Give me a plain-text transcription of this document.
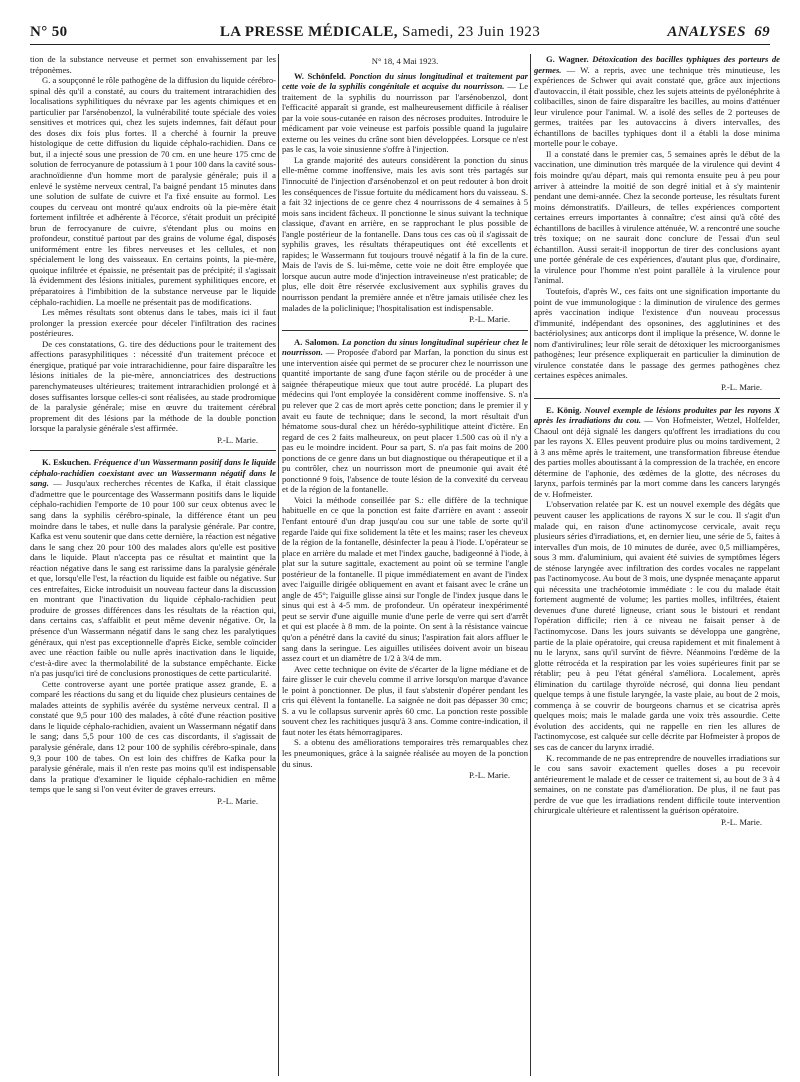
N° 50	LA PRESSE MÉDICALE, Samedi, 23 Juin 1923	ANALYSES 69

tion de la substance nerveuse et permet son envahissement par les tréponèmes.

G. a soupçonné le rôle pathogène de la diffusion du liquide cérébro-spinal dès qu'il a constaté, au cours du traitement intrarachidien des localisations syphilitiques du névraxe par les agents chimiques et en particulier par l'arsénobenzol, la vulnérabilité toute spéciale des voies sensitives et motrices qui, chez les sujets indemnes, fait défaut pour des doses dix fois plus fortes. Il a cherché à fournir la preuve histologique de cette diffusion du liquide céphalo-rachidien. Dans ce but, il a injecté sous une pression de 70 cm. en une heure 175 cmc de solution de ferrocyanure de potassium à 1 pour 100 dans la cavité sous-arachnoïdienne d'un homme mort de paralysie générale; puis il a enlevé le système nerveux central, l'a baigné pendant 15 minutes dans une solution de sulfate de cuivre et l'a fixé ensuite au formol. Les coupes du cerveau ont montré qu'aux endroits où la pie-mère était fortement infiltrée et adhérente à l'écorce, s'était produit un précipité brun de ferrocyanure de cuivre, s'étendant plus ou moins en profondeur, constitué partout par des grains de volume égal, disposés uniformément entre les fibres nerveuses et les cellules, et non spécialement le long des vaisseaux. En certains points, la pie-mère, quoique infiltrée et épaissie, ne présentait pas de précipité; il s'agissait là évidemment des lésions initiales, purement syphilitiques encore, et préparatoires à l'imbibition de la substance nerveuse par le liquide céphalo-rachidien. La moelle ne présentait pas de modifications.

Les mêmes résultats sont obtenus dans le tabes, mais ici il faut prolonger la pression exercée pour déceler l'infiltration des racines postérieures.

De ces constatations, G. tire des déductions pour le traitement des affections parasyphilitiques : nécessité d'un traitement précoce et énergique, pratiqué par voie intrarachidienne, pour faire disparaître les lésions initiales de la pie-mère, annonciatrices des destructions parenchymateuses ultérieures; traitement intrarachidien prolongé et à doses suffisantes lorsque celles-ci sont réalisées, au stade prodromique de la paralysie générale; mise en œuvre du traitement cérébral proprement dit des lésions par la méthode de la double ponction lorsque la paralysie générale s'est affirmée.

P.-L. Marie.

K. Eskuchen. Fréquence d'un Wassermann positif dans le liquide céphalo-rachidien coexistant avec un Wassermann négatif dans le sang. — Jusqu'aux recherches récentes de Kafka, il était classique d'admettre que le pourcentage des Wassermann positifs dans le liquide céphalo-rachidien l'emporte de 10 pour 100 sur ceux obtenus avec le sang dans la syphilis cérébro-spinale, la différence étant un peu moindre dans le tabes, et nulle dans la paralysie générale. Par contre, Kafka est venu soutenir que dans cette dernière, la réaction est négative dans le sang chez 20 pour 100 des malades alors qu'elle est positive dans le liquide. Plaut n'accepta pas ce résultat et maintint que la réaction négative dans le sang est rarissime dans la paralysie générale et que, lorsqu'elle l'est, la réaction du liquide est faible ou négative. Sur ces entrefaites, Eicke introduisit un nouveau facteur dans la discussion en montrant que l'inactivation du liquide céphalo-rachidien peut produire de grosses différences dans les résultats de la réaction qui, dans certains cas, s'affaiblit et peut même devenir négative. Or, la présence d'un Wassermann négatif dans le sang chez les paralytiques généraux, qui n'est pas exceptionnelle d'après Eicke, semble coïncider avec une réaction faible ou nulle après inactivation dans le liquide, c'est-à-dire avec la thermolabilité de la substance empêchante. Eicke n'a pas jusqu'ici tiré de conclusions pronostiques de cette particularité.

Cette controverse ayant une portée pratique assez grande, E. a comparé les réactions du sang et du liquide chez plusieurs centaines de malades atteints de syphilis avérée du système nerveux central. Il a constaté que 9,5 pour 100 des malades, à côté d'une réaction positive dans le liquide céphalo-rachidien, avaient un Wassermann négatif dans le sang; dans 5,5 pour 100 de ces cas discordants, il s'agissait de paralysie générale, dans 12 pour 100 de syphilis cérébro-spinale, dans 9,3 pour 100 de tabes. On est loin des chiffres de Kafka pour la paralysie générale, mais il n'en reste pas moins qu'il est indispensable dans la pratique d'examiner le liquide céphalo-rachidien en même temps que le sang si l'on veut éviter de graves erreurs.

P.-L. Marie.

N° 18, 4 Mai 1923.

W. Schönfeld. Ponction du sinus longitudinal et traitement par cette voie de la syphilis congénitale et acquise du nourrisson. — Le traitement de la syphilis du nourrisson par l'arsénobenzol, dont l'efficacité apparaît si grande, est malheureusement difficile à réaliser par la voie sous-cutanée en raison des nécroses produites. Introduire le médicament par voie veineuse est parfois possible quand la jugulaire externe ou les veines du crâne sont bien développées. Lorsque ce n'est pas le cas, la voie sinusienne s'offre à l'injection.

La grande majorité des auteurs considèrent la ponction du sinus elle-même comme inoffensive, mais les avis sont très partagés sur l'innocuité de l'injection d'arsénobenzol et on peut redouter à bon droit les conséquences de l'issue fortuite du médicament hors du vaisseau. S. a fait 32 injections de ce genre chez 4 nourrissons de 4 semaines à 5 mois sans incident fâcheux. Il ponctionne le sinus suivant la technique classique, d'avant en arrière, en se rapprochant le plus possible de l'angle postérieur de la fontanelle. Dans tous ces cas où il s'agissait de syphilis graves, les résultats thérapeutiques ont été excellents et rapides; le Wassermann fut toujours trouvé négatif à la fin de la cure. Mais de l'avis de S. lui-même, cette voie ne doit être employée que lorsque aucun autre mode d'injection intraveineuse n'est praticable; de plus, elle doit être réservée exclusivement aux syphilis graves du nourrisson pendant la première année et n'être jamais utilisée chez les malades de la policlinique; l'hospitalisation est indispensable.

P.-L. Marie.

A. Salomon. La ponction du sinus longitudinal supérieur chez le nourrisson. — Proposée d'abord par Marfan, la ponction du sinus est une intervention aisée qui permet de se procurer chez le nourrisson une quantité importante de sang d'une façon stérile ou de procéder à une saignée thérapeutique mieux que tout autre procédé. La plupart des médecins qui l'ont employée la considèrent comme inoffensive. S. n'a pu relever que 2 cas de mort après cette ponction; dans le premier il y avait eu faute de technique; dans le second, la mort résultait d'un hématome sous-dural chez un hérédo-syphilitique atteint d'ictère. En regard de ces 2 faits malheureux, on peut placer 1.500 cas où il n'y a pas eu le moindre incident. Pour sa part, S. n'a pas fait moins de 200 ponctions de ce genre dans un but diagnostique ou thérapeutique et il a pu contrôler, chez un nourrisson mort de pneumonie qui avait été ponctionné 9 fois, l'absence de toute lésion de la convexité du cerveau et de la région de la fontanelle.

Voici la méthode conseillée par S.: elle diffère de la technique habituelle en ce que la ponction est faite d'arrière en avant : asseoir l'enfant entouré d'un drap jusqu'au cou sur une table de sorte qu'il regarde l'aide qui fixe solidement la tête et les mains; raser les cheveux de la région de la fontanelle, désinfecter la peau à l'iode. L'opérateur se place en arrière du malade et met l'index gauche, badigeonné à l'iode, à plat sur la suture sagittale, exactement au point où se termine l'angle postérieur de la fontanelle. Il pique immédiatement en avant de l'index avec l'aiguille dirigée obliquement en avant et faisant avec le crâne un angle de 45°; l'aiguille glisse ainsi sur l'ongle de l'index jusque dans le sinus qui est à 4-5 mm. de profondeur. Un opérateur inexpérimenté peut se servir d'une aiguille munie d'une perle de verre qui sert d'arrêt et qui est placée à 8 mm. de la pointe. On sent à la résistance vaincue qu'on a pénétré dans la cavité du sinus; l'aspiration fait alors affluer le sang dans la seringue. Les aiguilles utilisées doivent avoir un biseau assez court et un diamètre de 1/2 à 3/4 de mm.

Avec cette technique on évite de s'écarter de la ligne médiane et de faire glisser le cuir chevelu comme il arrive lorsqu'on marque d'avance le point à ponctionner. De plus, il faut s'abstenir d'opérer pendant les cris qui élèvent la fontanelle. La saignée ne doit pas dépasser 30 cmc; S. a vu le collapsus survenir après 60 cmc. La ponction reste possible souvent chez les rachitiques jusqu'à 3 ans. Comme contre-indication, il faut noter les états hémorragipares.

S. a obtenu des améliorations temporaires très remarquables chez les pneumoniques, grâce à la saignée réalisée au moyen de la ponction du sinus.

P.-L. Marie.

G. Wagner. Détoxication des bacilles typhiques des porteurs de germes. — W. a repris, avec une technique très minutieuse, les expériences de Schwer qui avait constaté que, grâce aux injections d'autovaccin, il était possible, chez les sujets atteints de pyélonéphrite à colibacilles, sinon de faire disparaître les bacilles, au moins d'atténuer leur virulence pour l'animal. W. a isolé des selles de 2 porteuses de germes, traitées par les autovaccins à divers intervalles, des échantillons de bacilles typhiques dont il a établi la dose minima mortelle pour le cobaye.

Il a constaté dans le premier cas, 5 semaines après le début de la vaccination, une diminution très marquée de la virulence qui devint 4 fois moindre qu'au départ, mais qui remonta ensuite peu à peu pour arriver à atteindre la moitié de son degré initial et à s'y maintenir pendant une demi-année. Chez la seconde porteuse, les résultats furent moins démonstratifs. D'ailleurs, de telles expériences comportent certaines erreurs importantes à connaître; c'est ainsi qu'à côté des échantillons de bacilles à virulence atténuée, W. a rencontré une souche très toxique; on ne saurait donc conclure de l'essai d'un seul échantillon. Aussi serait-il inopportun de tirer des conclusions ayant une portée générale de ces expériences, d'autant plus que, d'ordinaire, la virulence pour l'homme n'est point parallèle à la virulence pour l'animal.

Toutefois, d'après W., ces faits ont une signification importante du point de vue immunologique : la diminution de virulence des germes après vaccination indique l'existence d'un nouveau processus d'immunité, indépendant des opsonines, des agglutinines et des bactériolysines; aux anticorps dont il implique la présence, W. donne le nom d'antivirulines; leur rôle serait de détoxiquer les microorganismes pathogènes; leur présence expliquerait en particulier la diminution de virulence constatée dans le passage des germes pathogènes chez certaines espèces animales.

P.-L. Marie.

E. König. Nouvel exemple de lésions produites par les rayons X après les irradiations du cou. — Von Hofmeister, Wetzel, Holfelder, Chaoul ont déjà signalé les dangers qu'offrent les irradiations du cou par les rayons X. Elles peuvent produire plus ou moins tardivement, 2 à 3 ans même après le traitement, une transformation fibreuse étendue des parties molles aboutissant à la compression de la trachée, en encore détermine de l'aphonie, des œdèmes de la glotte, des nécroses du larynx, parfois terminés par la mort comme dans les cancers laryngés de v. Hofmeister.

L'observation relatée par K. est un nouvel exemple des dégâts que peuvent causer les applications de rayons X sur le cou. Il s'agit d'un malade qui, en raison d'une actinomycose cervicale, avait reçu plusieurs séries d'irradiations, et, en dernier lieu, une série de 5, faites à intervalles d'un mois, de 10 minutes de durée, avec 0,5 milliampères, sous 3 mm. d'aluminium, qui avaient été suivies de symptômes légers de sténose laryngée avec infiltration des cordes vocales ne rappelant pas l'actinomycose. Au bout de 3 mois, une dyspnée menaçante apparut qui nécessita une trachéotomie immédiate : le cou du malade était fortement augmenté de volume; les parties molles, infiltrées, étaient devenues d'une dureté ligneuse, criant sous le bistouri et rendant l'opération difficile; rien à ce niveau ne faisait penser à de l'actinomycose. Dans les jours suivants se développa une gangrène, partie de la plaie opératoire, qui creusa rapidement et mit finalement à nu le larynx, sans qu'il survînt de fièvre. Néanmoins l'œdème de la glotte rétrocéda et la respiration par les voies supérieures finit par se rétablir; peu à peu l'état général s'améliora. Localement, après élimination du cartilage thyroïde nécrosé, qui donna lieu pendant quelque temps à une fistule laryngée, la vaste plaie, au bout de 2 mois, commença à se couvrir de bourgeons charnus et se cicatrisa après quelques mois; mais le malade garda une voix très assourdie. Cette évolution des accidents, qui ne rappelle en rien les allures de l'actinomycose, est calquée sur celle décrite par Hofmeister à propos de ses cas de cancer du larynx irradié.

K. recommande de ne pas entreprendre de nouvelles irradiations sur le cou sans savoir exactement quelles doses a pu recevoir antérieurement le malade et de cesser ce traitement si, au bout de 3 à 4 semaines, on ne constate pas d'amélioration. De plus, il ne faut pas perdre de vue que les irradiations rendent difficile toute intervention chirurgicale ultérieure et ralentissent la guérison opératoire.

P.-L. Marie.
